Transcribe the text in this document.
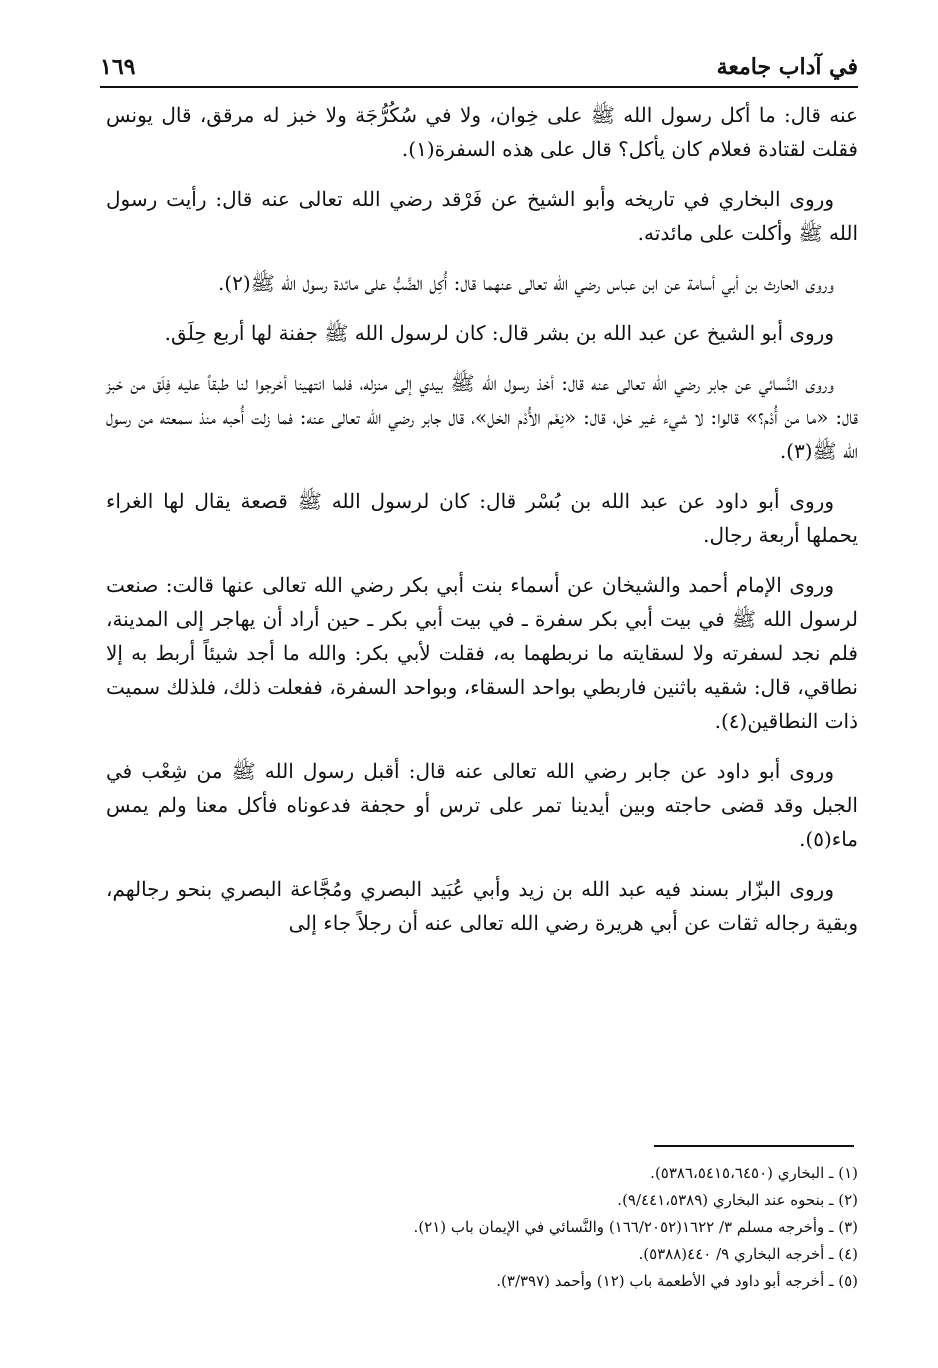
في آداب جامعة
١٦٩

عنه قال: ما أكل رسول الله ﷺ على خِوان، ولا في سُكُرُّجَة ولا خبز له مرقق، قال يونس فقلت لقتادة فعلام كان يأكل؟ قال على هذه السفرة(١).

وروى البخاري في تاريخه وأبو الشيخ عن فَرْقد رضي الله تعالى عنه قال: رأيت رسول الله ﷺ وأكلت على مائدته.

وروى الحارث بن أبي أسامة عن ابن عباس رضي الله تعالى عنهما قال: أُكِل الضَّبُّ على مائدة رسول الله ﷺ(٢).

وروى أبو الشيخ عن عبد الله بن بشر قال: كان لرسول الله ﷺ جفنة لها أربع حِلَق.

وروى النَّسائي عن جابر رضي الله تعالى عنه قال: أخذ رسول الله ﷺ بيدي إلى منزله، فلما انتهينا أخرجوا لنا طبقاً عليه فِلَق من خبز قال: «ما من أُدْم؟» قالوا: لا شيء غير خل، قال: «نِعْم الأُدْم الخل»، قال جابر رضي الله تعالى عنه: فما زلت أُحبه منذ سمعته من رسول الله ﷺ(٣).

وروى أبو داود عن عبد الله بن بُسْر قال: كان لرسول الله ﷺ قصعة يقال لها الغراء يحملها أربعة رجال.

وروى الإمام أحمد والشيخان عن أسماء بنت أبي بكر رضي الله تعالى عنها قالت: صنعت لرسول الله ﷺ في بيت أبي بكر سفرة ـ في بيت أبي بكر ـ حين أراد أن يهاجر إلى المدينة، فلم نجد لسفرته ولا لسقايته ما نربطهما به، فقلت لأبي بكر: والله ما أجد شيئاً أربط به إلا نطاقي، قال: شقيه باثنين فاربطي بواحد السقاء، وبواحد السفرة، ففعلت ذلك، فلذلك سميت ذات النطاقين(٤).

وروى أبو داود عن جابر رضي الله تعالى عنه قال: أقبل رسول الله ﷺ من شِعْب في الجبل وقد قضى حاجته وبين أيدينا تمر على ترس أو حجفة فدعوناه فأكل معنا ولم يمس ماء(٥).

وروى البزّار بسند فيه عبد الله بن زيد وأبي عُبَيد البصري ومُجَّاعة البصري بنحو رجالهم، وبقية رجاله ثقات عن أبي هريرة رضي الله تعالى عنه أن رجلاً جاء إلى

(١) ـ البخاري (٥٣٨٦،٥٤١٥،٦٤٥٠).

(٢) ـ بنحوه عند البخاري (٩/٤٤١،٥٣٨٩).

(٣) ـ وأخرجه مسلم ٣/ ١٦٢٢(١٦٦/٢٠٥٢) والنَّسائي في الإيمان باب (٢١).

(٤) ـ أخرجه البخاري ٩/ ٤٤٠(٥٣٨٨).

(٥) ـ أخرجه أبو داود في الأطعمة باب (١٢) وأحمد (٣/٣٩٧).
